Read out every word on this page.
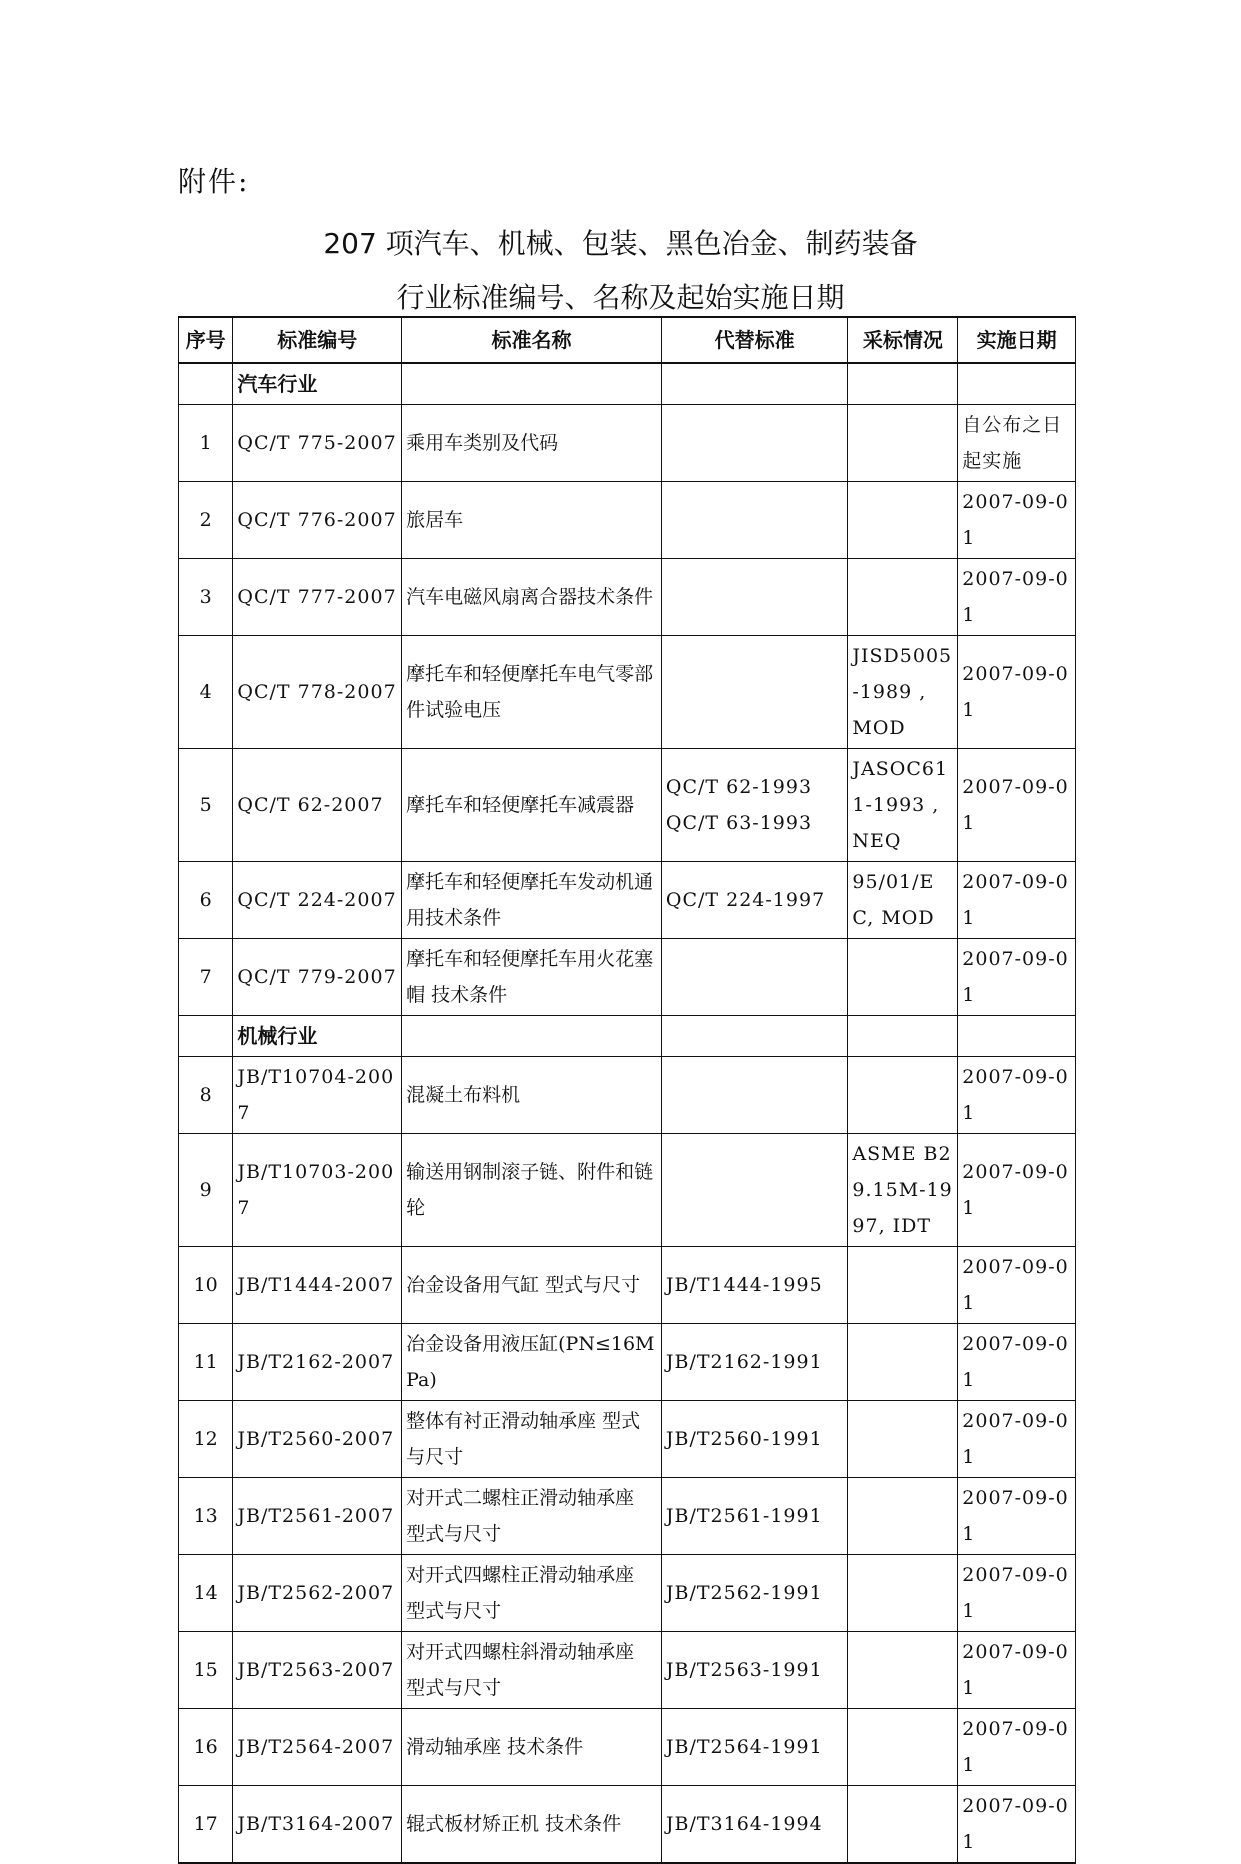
附件:
207 项汽车、机械、包装、黑色冶金、制药装备
行业标准编号、名称及起始实施日期
序号	标准编号	标准名称	代替标准	采标情况	实施日期
	汽车行业				
1	QC/T 775-2007	乘用车类别及代码			自公布之日起实施
2	QC/T 776-2007	旅居车			2007-09-01
3	QC/T 777-2007	汽车电磁风扇离合器技术条件			2007-09-01
4	QC/T 778-2007	摩托车和轻便摩托车电气零部件试验电压		JISD5005-1989 , MOD	2007-09-01
5	QC/T 62-2007	摩托车和轻便摩托车减震器	QC/T 62-1993
QC/T 63-1993	JASOC611-1993 , NEQ	2007-09-01
6	QC/T 224-2007	摩托车和轻便摩托车发动机通用技术条件	QC/T 224-1997	95/01/EC, MOD	2007-09-01
7	QC/T 779-2007	摩托车和轻便摩托车用火花塞帽 技术条件			2007-09-01
	机械行业				
8	JB/T10704-2007	混凝土布料机			2007-09-01
9	JB/T10703-2007	输送用钢制滚子链、附件和链轮		ASME B29.15M-1997, IDT	2007-09-01
10	JB/T1444-2007	冶金设备用气缸 型式与尺寸	JB/T1444-1995		2007-09-01
11	JB/T2162-2007	冶金设备用液压缸(PN≤16MPa)	JB/T2162-1991		2007-09-01
12	JB/T2560-2007	整体有衬正滑动轴承座 型式与尺寸	JB/T2560-1991		2007-09-01
13	JB/T2561-2007	对开式二螺柱正滑动轴承座 型式与尺寸	JB/T2561-1991		2007-09-01
14	JB/T2562-2007	对开式四螺柱正滑动轴承座 型式与尺寸	JB/T2562-1991		2007-09-01
15	JB/T2563-2007	对开式四螺柱斜滑动轴承座 型式与尺寸	JB/T2563-1991		2007-09-01
16	JB/T2564-2007	滑动轴承座 技术条件	JB/T2564-1991		2007-09-01
17	JB/T3164-2007	辊式板材矫正机 技术条件	JB/T3164-1994		2007-09-01
